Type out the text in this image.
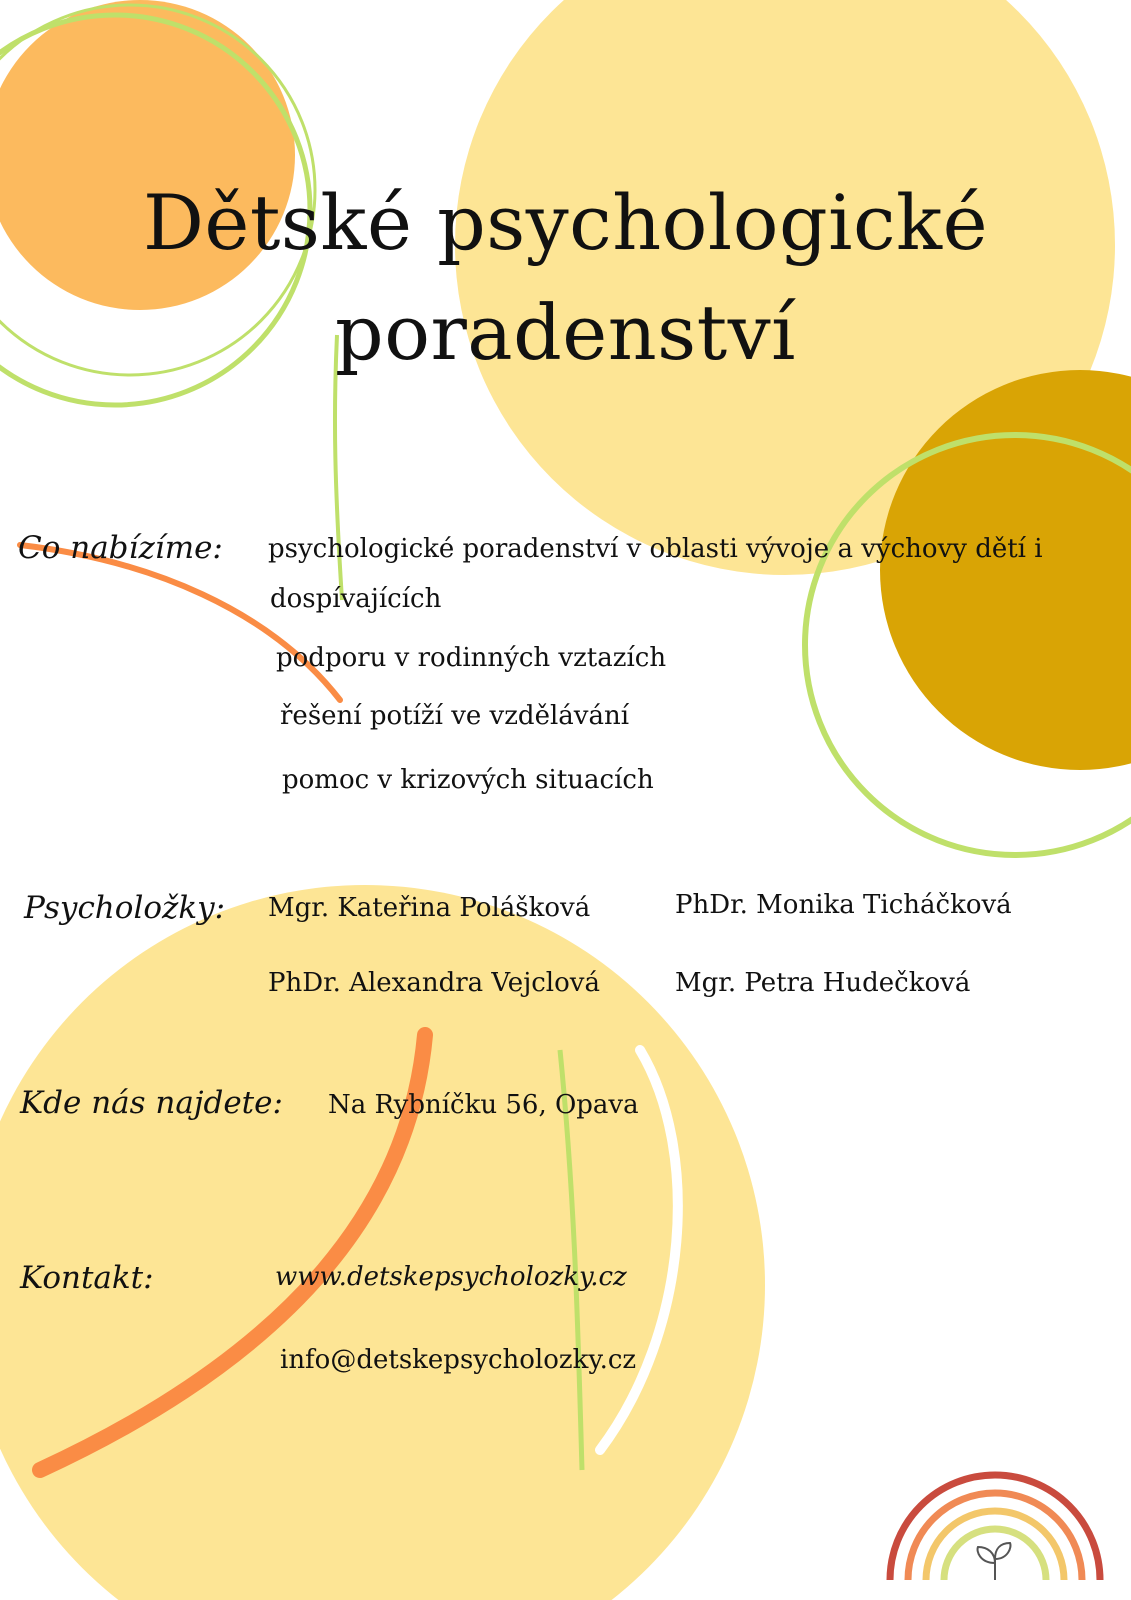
Dětské psychologické
poradenství
Co nabízíme: psychologické poradenství v oblasti vývoje a výchovy dětí i
dospívajících
podporu v rodinných vztazích
řešení potíží ve vzdělávání
pomoc v krizových situacích
Psycholožky: Mgr. Kateřina Polášková	PhDr. Monika Ticháčková
PhDr. Alexandra Vejclová	Mgr. Petra Hudečková
Kde nás najdete: Na Rybníčku 56, Opava
Kontakt:	www.detskepsycholozky.cz
info@detskepsycholozky.cz
